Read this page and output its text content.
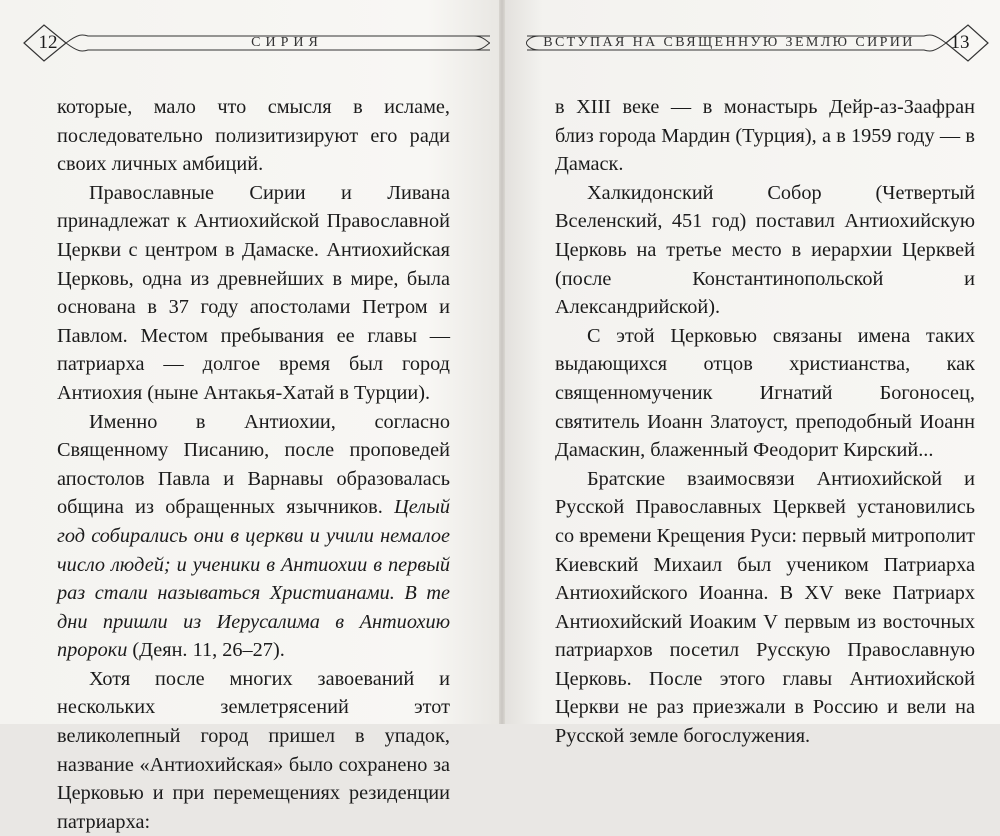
12	СИРИЯ

которые, мало что смысля в исламе, последовательно полизитизируют его ради своих личных амбиций.

Православные Сирии и Ливана принадлежат к Антиохийской Православной Церкви с центром в Дамаске. Антиохийская Церковь, одна из древнейших в мире, была основана в 37 году апостолами Петром и Павлом. Местом пребывания ее главы — патриарха — долгое время был город Антиохия (ныне Антакья-Хатай в Турции).

Именно в Антиохии, согласно Священному Писанию, после проповедей апостолов Павла и Варнавы образовалась община из обращенных язычников. Целый год собирались они в церкви и учили немалое число людей; и ученики в Антиохии в первый раз стали называться Христианами. В те дни пришли из Иерусалима в Антиохию пророки (Деян. 11, 26–27).

Хотя после многих завоеваний и нескольких землетрясений этот великолепный город пришел в упадок, название «Антиохийская» было сохранено за Церковью и при перемещениях резиденции патриарха:

ВСТУПАЯ НА СВЯЩЕННУЮ ЗЕМЛЮ СИРИИ	13

в XIII веке — в монастырь Дейр-аз-Заафран близ города Мардин (Турция), а в 1959 году — в Дамаск.

Халкидонский Собор (Четвертый Вселенский, 451 год) поставил Антиохийскую Церковь на третье место в иерархии Церквей (после Константинопольской и Александрийской).

С этой Церковью связаны имена таких выдающихся отцов христианства, как священномученик Игнатий Богоносец, святитель Иоанн Златоуст, преподобный Иоанн Дамаскин, блаженный Феодорит Кирский...

Братские взаимосвязи Антиохийской и Русской Православных Церквей установились со времени Крещения Руси: первый митрополит Киевский Михаил был учеником Патриарха Антиохийского Иоанна. В XV веке Патриарх Антиохийский Иоаким V первым из восточных патриархов посетил Русскую Православную Церковь. После этого главы Антиохийской Церкви не раз приезжали в Россию и вели на Русской земле богослужения.
